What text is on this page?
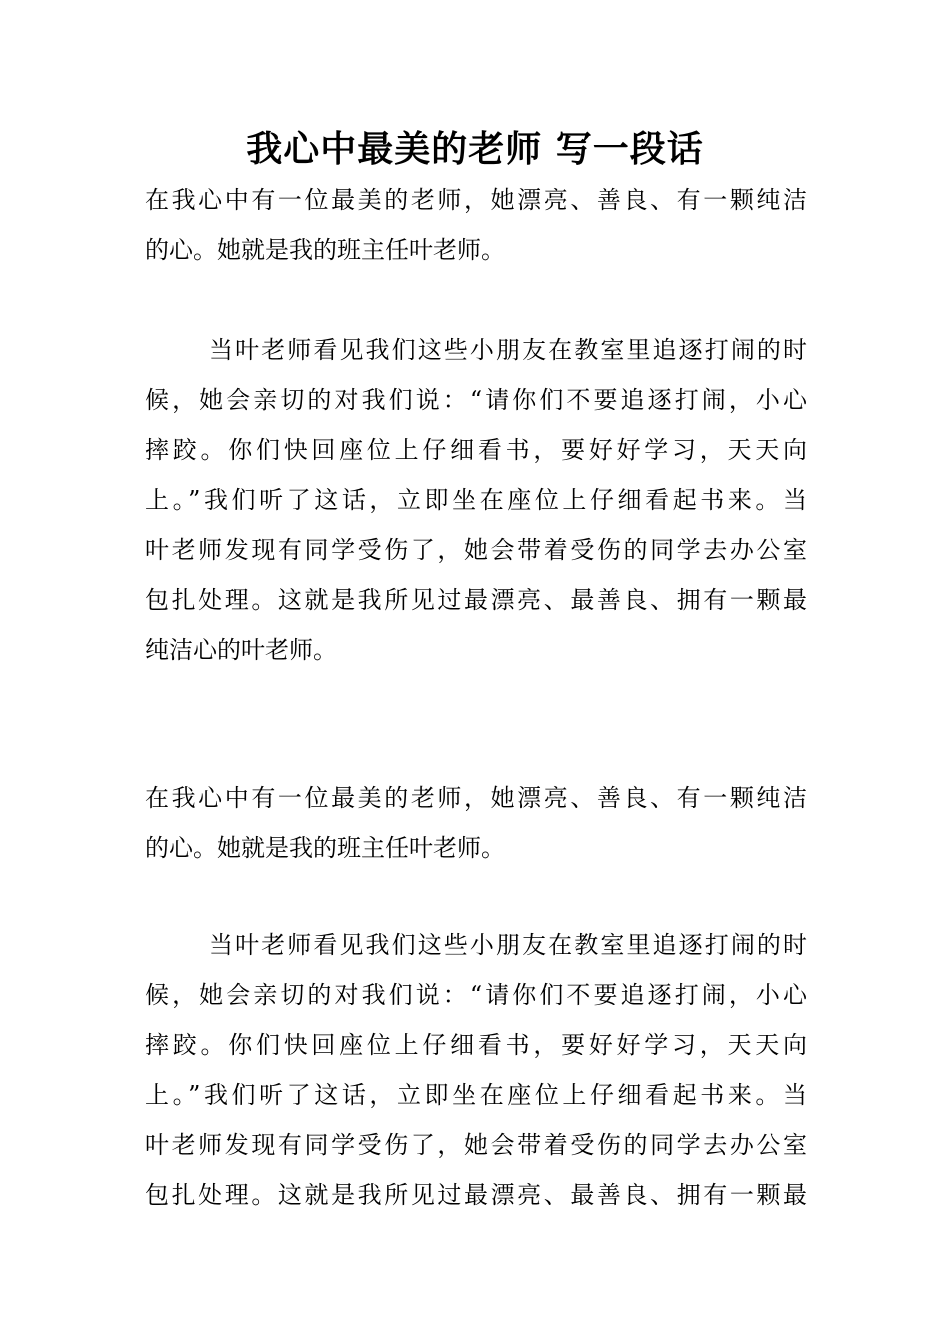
我心中最美的老师 写一段话
在我心中有一位最美的老师，她漂亮、善良、有一颗纯洁
的心。她就是我的班主任叶老师。
当叶老师看见我们这些小朋友在教室里追逐打闹的时
候，她会亲切的对我们说：“请你们不要追逐打闹，小心
摔跤。你们快回座位上仔细看书，要好好学习，天天向
上。”我们听了这话，立即坐在座位上仔细看起书来。当
叶老师发现有同学受伤了，她会带着受伤的同学去办公室
包扎处理。这就是我所见过最漂亮、最善良、拥有一颗最
纯洁心的叶老师。
在我心中有一位最美的老师，她漂亮、善良、有一颗纯洁
的心。她就是我的班主任叶老师。
当叶老师看见我们这些小朋友在教室里追逐打闹的时
候，她会亲切的对我们说：“请你们不要追逐打闹，小心
摔跤。你们快回座位上仔细看书，要好好学习，天天向
上。”我们听了这话，立即坐在座位上仔细看起书来。当
叶老师发现有同学受伤了，她会带着受伤的同学去办公室
包扎处理。这就是我所见过最漂亮、最善良、拥有一颗最
